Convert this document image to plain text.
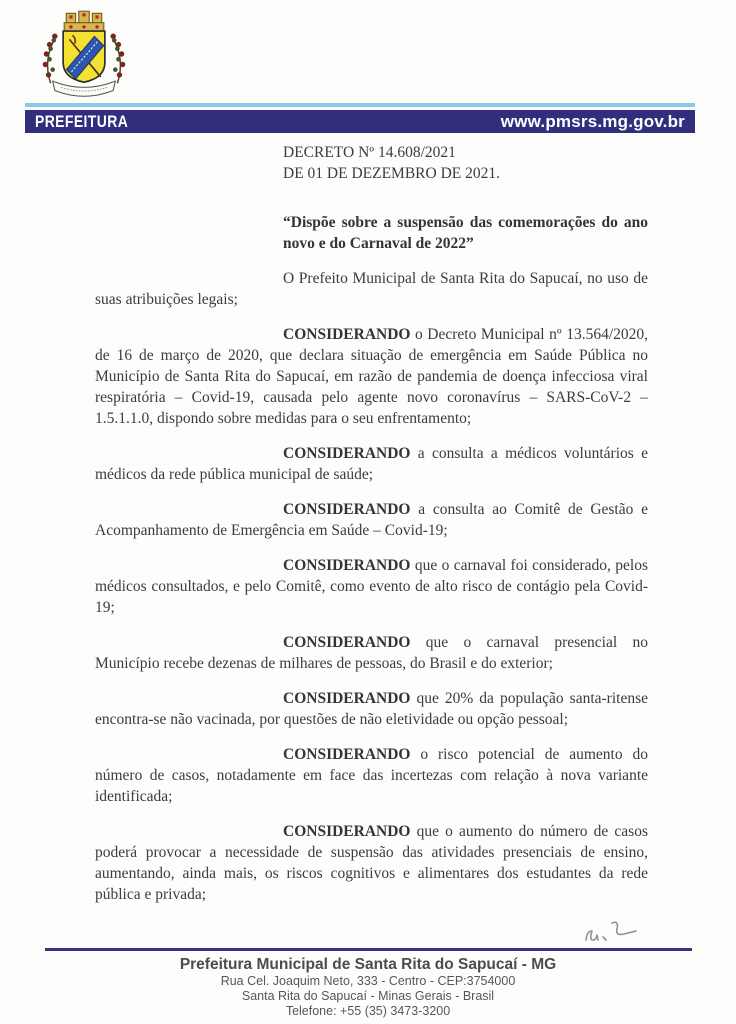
PREFEITURA	www.pmsrs.mg.gov.br
DECRETO Nº 14.608/2021
DE 01 DE DEZEMBRO DE 2021.

“Dispõe sobre a suspensão das comemorações do ano novo e do Carnaval de 2022”

O Prefeito Municipal de Santa Rita do Sapucaí, no uso de suas atribuições legais;

CONSIDERANDO o Decreto Municipal nº 13.564/2020, de 16 de março de 2020, que declara situação de emergência em Saúde Pública no Município de Santa Rita do Sapucaí, em razão de pandemia de doença infecciosa viral respiratória – Covid-19, causada pelo agente novo coronavírus – SARS-CoV-2 – 1.5.1.1.0, dispondo sobre medidas para o seu enfrentamento;

CONSIDERANDO a consulta a médicos voluntários e médicos da rede pública municipal de saúde;

CONSIDERANDO a consulta ao Comitê de Gestão e Acompanhamento de Emergência em Saúde – Covid-19;

CONSIDERANDO que o carnaval foi considerado, pelos médicos consultados, e pelo Comitê, como evento de alto risco de contágio pela Covid-19;

CONSIDERANDO que o carnaval presencial no Município recebe dezenas de milhares de pessoas, do Brasil e do exterior;

CONSIDERANDO que 20% da população santa-ritense encontra-se não vacinada, por questões de não eletividade ou opção pessoal;

CONSIDERANDO o risco potencial de aumento do número de casos, notadamente em face das incertezas com relação à nova variante identificada;

CONSIDERANDO que o aumento do número de casos poderá provocar a necessidade de suspensão das atividades presenciais de ensino, aumentando, ainda mais, os riscos cognitivos e alimentares dos estudantes da rede pública e privada;

Prefeitura Municipal de Santa Rita do Sapucaí - MG
Rua Cel. Joaquim Neto, 333 - Centro - CEP:3754000
Santa Rita do Sapucaí - Minas Gerais - Brasil
Telefone: +55 (35) 3473-3200
